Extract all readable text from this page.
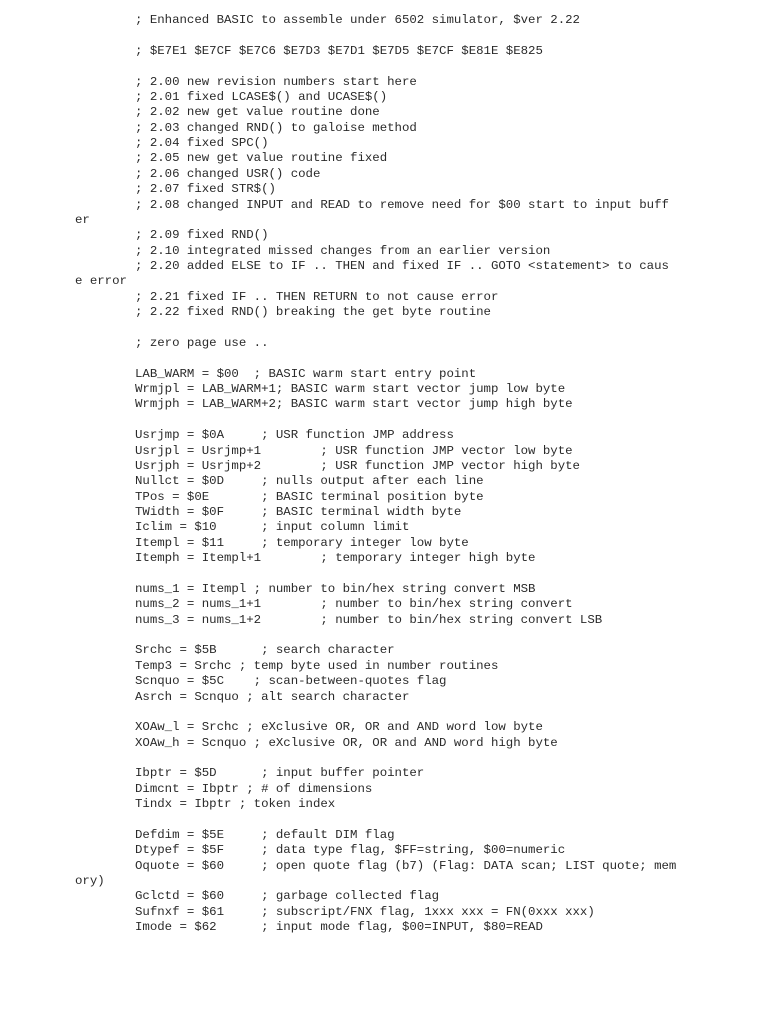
; Enhanced BASIC to assemble under 6502 simulator, $ver 2.22
; $E7E1 $E7CF $E7C6 $E7D3 $E7D1 $E7D5 $E7CF $E81E $E825
; 2.00 new revision numbers start here
; 2.01 fixed LCASE$() and UCASE$()
; 2.02 new get value routine done
; 2.03 changed RND() to galoise method
; 2.04 fixed SPC()
; 2.05 new get value routine fixed
; 2.06 changed USR() code
; 2.07 fixed STR$()
; 2.08 changed INPUT and READ to remove need for $00 start to input buff
er
; 2.09 fixed RND()
; 2.10 integrated missed changes from an earlier version
; 2.20 added ELSE to IF .. THEN and fixed IF .. GOTO <statement> to caus
e error
; 2.21 fixed IF .. THEN RETURN to not cause error
; 2.22 fixed RND() breaking the get byte routine
; zero page use ..
LAB_WARM = $00  ; BASIC warm start entry point
Wrmjpl = LAB_WARM+1; BASIC warm start vector jump low byte
Wrmjph = LAB_WARM+2; BASIC warm start vector jump high byte
Usrjmp = $0A     ; USR function JMP address
Usrjpl = Usrjmp+1        ; USR function JMP vector low byte
Usrjph = Usrjmp+2        ; USR function JMP vector high byte
Nullct = $0D     ; nulls output after each line
TPos = $0E       ; BASIC terminal position byte
TWidth = $0F     ; BASIC terminal width byte
Iclim = $10      ; input column limit
Itempl = $11     ; temporary integer low byte
Itemph = Itempl+1        ; temporary integer high byte
nums_1 = Itempl ; number to bin/hex string convert MSB
nums_2 = nums_1+1        ; number to bin/hex string convert
nums_3 = nums_1+2        ; number to bin/hex string convert LSB
Srchc = $5B      ; search character
Temp3 = Srchc ; temp byte used in number routines
Scnquo = $5C    ; scan-between-quotes flag
Asrch = Scnquo ; alt search character
XOAw_l = Srchc ; eXclusive OR, OR and AND word low byte
XOAw_h = Scnquo ; eXclusive OR, OR and AND word high byte
Ibptr = $5D      ; input buffer pointer
Dimcnt = Ibptr ; # of dimensions
Tindx = Ibptr ; token index
Defdim = $5E     ; default DIM flag
Dtypef = $5F     ; data type flag, $FF=string, $00=numeric
Oquote = $60     ; open quote flag (b7) (Flag: DATA scan; LIST quote; mem
ory)
Gclctd = $60     ; garbage collected flag
Sufnxf = $61     ; subscript/FNX flag, 1xxx xxx = FN(0xxx xxx)
Imode = $62      ; input mode flag, $00=INPUT, $80=READ
